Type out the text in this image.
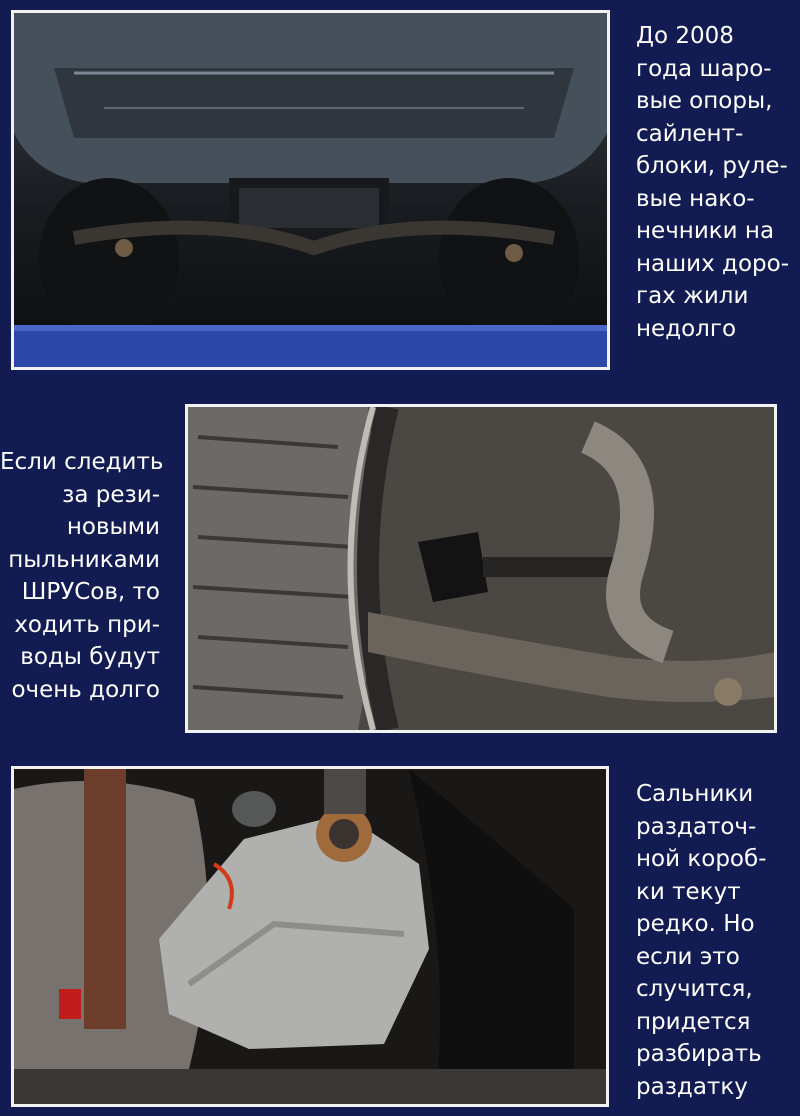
До 2008
года шаро-
вые опоры,
сайлент-
блоки, руле-
вые нако-
нечники на
наших доро-
гах жили
недолго

Если следить
за рези-
новыми
пыльниками
ШРУСов, то
ходить при-
воды будут
очень долго

Сальники
раздаточ-
ной короб-
ки текут
редко. Но
если это
случится,
придется
разбирать
раздатку
